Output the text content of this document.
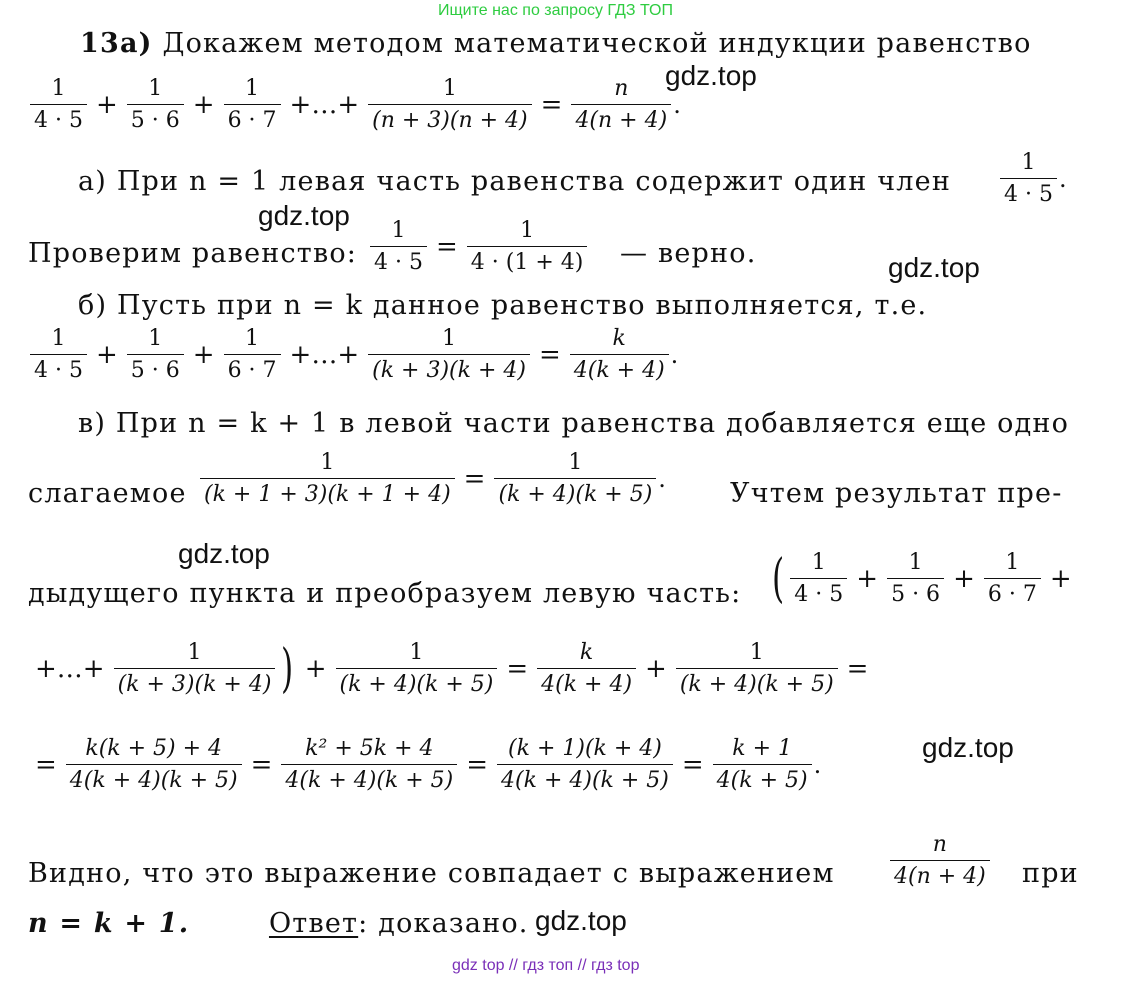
Ищите нас по запросу ГДЗ ТОП
13а) Докажем методом математической индукции равенство
gdz.top
gdz.top
gdz.top
gdz.top
gdz.top
gdz.top
$\frac{1}{4 \cdot 5} + \frac{1}{5 \cdot 6} + \frac{1}{6 \cdot 7}$ +…+ $\frac{1}{(n + 3)(n + 4)} = \frac{n}{4(n + 4)}$ .
а) При n = 1 левая часть равенства содержит один член $\frac{1}{4 \cdot 5}$ .
Проверим равенство: $\frac{1}{4 \cdot 5} = \frac{1}{4 \cdot (1 + 4)}$ — верно.
б) Пусть при n = k данное равенство выполняется, т.е.
$\frac{1}{4 \cdot 5} + \frac{1}{5 \cdot 6} + \frac{1}{6 \cdot 7}$ +…+ $\frac{1}{(k + 3)(k + 4)} = \frac{k}{4(k + 4)}$ .
в) При n = k + 1 в левой части равенства добавляется еще одно
слагаемое $\frac{1}{(k + 1 + 3)(k + 1 + 4)} = \frac{1}{(k + 4)(k + 5)}$ . Учтем результат пре-
дыдущего пункта и преобразуем левую часть: ( $\frac{1}{4 \cdot 5} + \frac{1}{5 \cdot 6} + \frac{1}{6 \cdot 7}$ +
+…+ $\frac{1}{(k + 3)(k + 4)}$ ) + $\frac{1}{(k + 4)(k + 5)} = \frac{k}{4(k + 4)} + \frac{1}{(k + 4)(k + 5)}$ =
= $\frac{k(k + 5) + 4}{4(k + 4)(k + 5)} = \frac{\text{k² + 5k + 4}}{4(k + 4)(k + 5)} = \frac{(k + 1)(k + 4)}{4(k + 4)(k + 5)} = \frac{k + 1}{4(k + 5)}$ .
Видно, что это выражение совпадает с выражением	$\frac{n}{4(n + 4)}$ при
n = k + 1.	Ответ: доказано.
gdz top // гдз топ // гдз top
